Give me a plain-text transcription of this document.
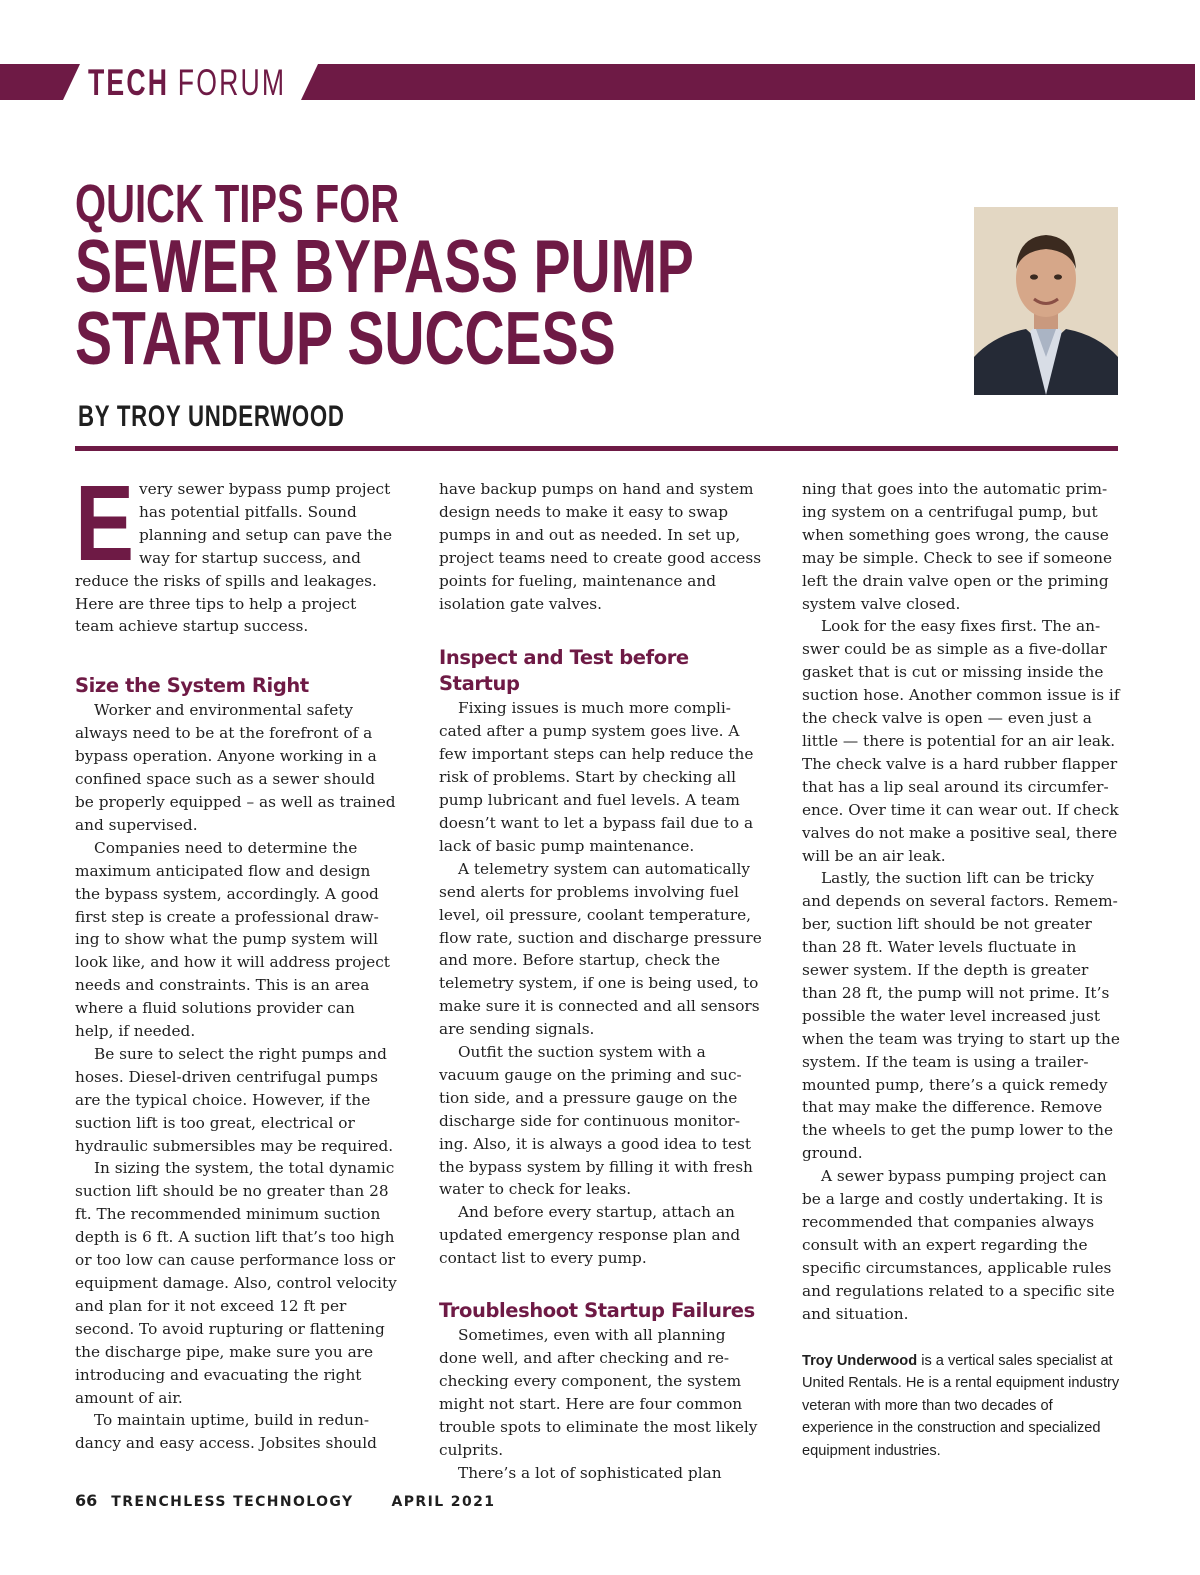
TECH FORUM
QUICK TIPS FOR
SEWER BYPASS PUMP
STARTUP SUCCESS
BY TROY UNDERWOOD
E very sewer bypass pump project has potential pitfalls. Sound planning and setup can pave the way for startup success, and reduce the risks of spills and leakages. Here are three tips to help a project team achieve startup success.

Size the System Right

Worker and environmental safety always need to be at the forefront of a bypass operation. Anyone working in a confined space such as a sewer should be properly equipped – as well as trained and supervised.

Companies need to determine the maximum anticipated flow and design the bypass system, accordingly. A good first step is create a professional drawing to show what the pump system will look like, and how it will address project needs and constraints. This is an area where a fluid solutions provider can help, if needed.

Be sure to select the right pumps and hoses. Diesel-driven centrifugal pumps are the typical choice. However, if the suction lift is too great, electrical or hydraulic submersibles may be required.

In sizing the system, the total dynamic suction lift should be no greater than 28 ft. The recommended minimum suction depth is 6 ft. A suction lift that’s too high or too low can cause performance loss or equipment damage. Also, control velocity and plan for it not exceed 12 ft per second. To avoid rupturing or flattening the discharge pipe, make sure you are introducing and evacuating the right amount of air.

To maintain uptime, build in redundancy and easy access. Jobsites should

have backup pumps on hand and system design needs to make it easy to swap pumps in and out as needed. In set up, project teams need to create good access points for fueling, maintenance and isolation gate valves.

Inspect and Test before Startup

Fixing issues is much more complicated after a pump system goes live. A few important steps can help reduce the risk of problems. Start by checking all pump lubricant and fuel levels. A team doesn’t want to let a bypass fail due to a lack of basic pump maintenance.

A telemetry system can automatically send alerts for problems involving fuel level, oil pressure, coolant temperature, flow rate, suction and discharge pressure and more. Before startup, check the telemetry system, if one is being used, to make sure it is connected and all sensors are sending signals.

Outfit the suction system with a vacuum gauge on the priming and suction side, and a pressure gauge on the discharge side for continuous monitoring. Also, it is always a good idea to test the bypass system by filling it with fresh water to check for leaks.

And before every startup, attach an updated emergency response plan and contact list to every pump.

Troubleshoot Startup Failures

Sometimes, even with all planning done well, and after checking and rechecking every component, the system might not start. Here are four common trouble spots to eliminate the most likely culprits.

There’s a lot of sophisticated plan

ning that goes into the automatic priming system on a centrifugal pump, but when something goes wrong, the cause may be simple. Check to see if someone left the drain valve open or the priming system valve closed.

Look for the easy fixes first. The answer could be as simple as a five-dollar gasket that is cut or missing inside the suction hose. Another common issue is if the check valve is open — even just a little — there is potential for an air leak. The check valve is a hard rubber flapper that has a lip seal around its circumference. Over time it can wear out. If check valves do not make a positive seal, there will be an air leak.

Lastly, the suction lift can be tricky and depends on several factors. Remember, suction lift should be not greater than 28 ft. Water levels fluctuate in sewer system. If the depth is greater than 28 ft, the pump will not prime. It’s possible the water level increased just when the team was trying to start up the system. If the team is using a trailer-mounted pump, there’s a quick remedy that may make the difference. Remove the wheels to get the pump lower to the ground.

A sewer bypass pumping project can be a large and costly undertaking. It is recommended that companies always consult with an expert regarding the specific circumstances, applicable rules and regulations related to a specific site and situation.

Troy Underwood is a vertical sales specialist at United Rentals. He is a rental equipment industry veteran with more than two decades of experience in the construction and specialized equipment industries.
66 TRENCHLESS TECHNOLOGY	APRIL 2021
